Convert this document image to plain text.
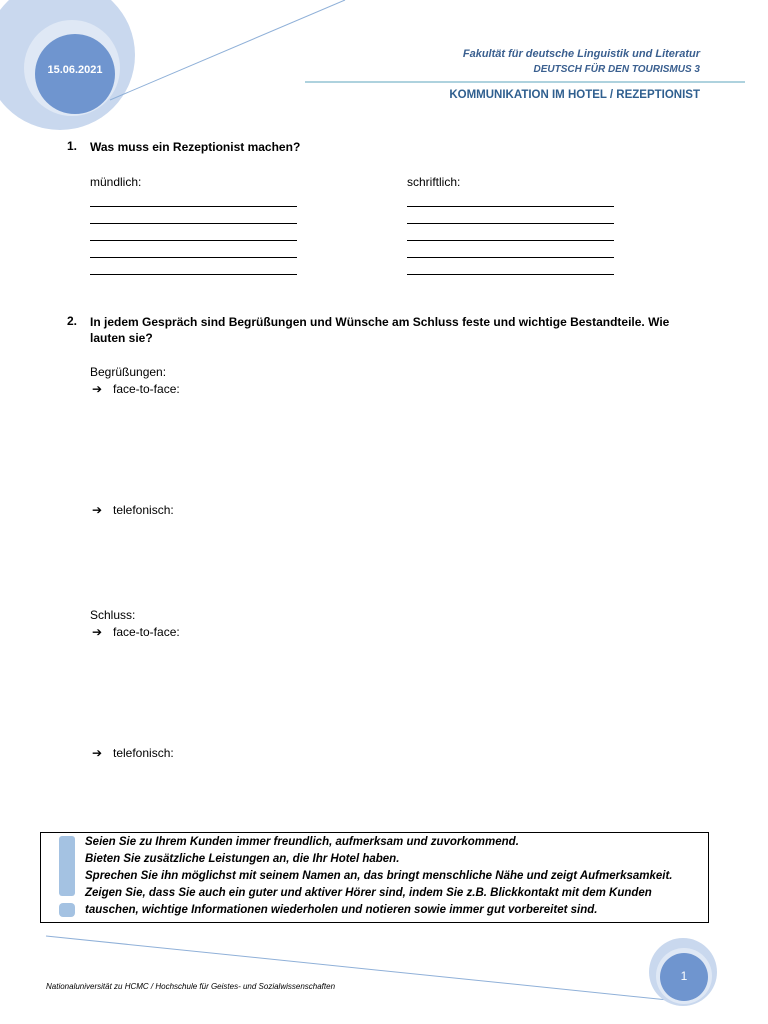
15.06.2021
Fakultät für deutsche Linguistik und Literatur
DEUTSCH FÜR DEN TOURISMUS 3
KOMMUNIKATION IM HOTEL / REZEPTIONIST
1. Was muss ein Rezeptionist machen?
mündlich:	schriftlich:
2. In jedem Gespräch sind Begrüßungen und Wünsche am Schluss feste und wichtige Bestandteile. Wie
lauten sie?
Begrüßungen:
➔ face-to-face:
➔ telefonisch:
Schluss:
➔ face-to-face:
➔ telefonisch:
Seien Sie zu Ihrem Kunden immer freundlich, aufmerksam und zuvorkommend.
Bieten Sie zusätzliche Leistungen an, die Ihr Hotel haben.
Sprechen Sie ihn möglichst mit seinem Namen an, das bringt menschliche Nähe und zeigt Aufmerksamkeit.
Zeigen Sie, dass Sie auch ein guter und aktiver Hörer sind, indem Sie z.B. Blickkontakt mit dem Kunden
tauschen, wichtige Informationen wiederholen und notieren sowie immer gut vorbereitet sind.
Nationaluniversität zu HCMC / Hochschule für Geistes- und Sozialwissenschaften
1
